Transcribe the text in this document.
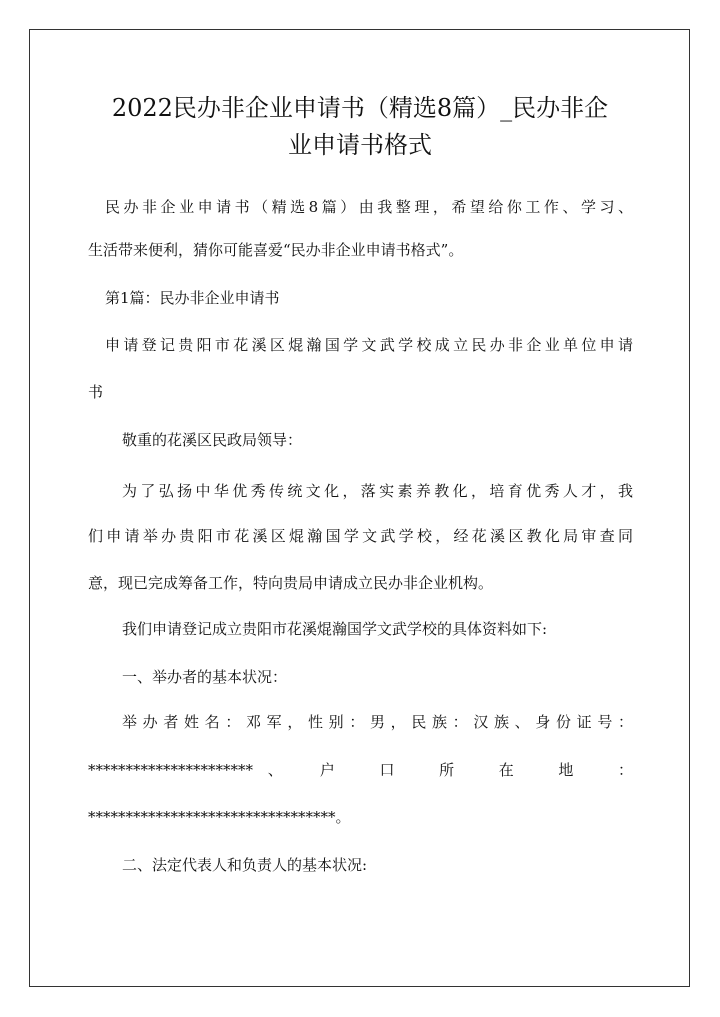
2022民办非企业申请书（精选8篇）_民办非企
业申请书格式
民办非企业申请书（精选8篇）由我整理，希望给你工作、学习、
生活带来便利，猜你可能喜爱“民办非企业申请书格式”。
第1篇：民办非企业申请书
申请登记贵阳市花溪区焜瀚国学文武学校成立民办非企业单位申请
书
敬重的花溪区民政局领导：
为了弘扬中华优秀传统文化，落实素养教化，培育优秀人才，我
们申请举办贵阳市花溪区焜瀚国学文武学校，经花溪区教化局审查同
意，现已完成筹备工作，特向贵局申请成立民办非企业机构。
我们申请登记成立贵阳市花溪焜瀚国学文武学校的具体资料如下:
一、举办者的基本状况：
举办者姓名：邓军，性别：男，民族：汉族、身份证号：
**********************、　户　口　所　在　地　：
*********************************。
二、法定代表人和负责人的基本状况:
